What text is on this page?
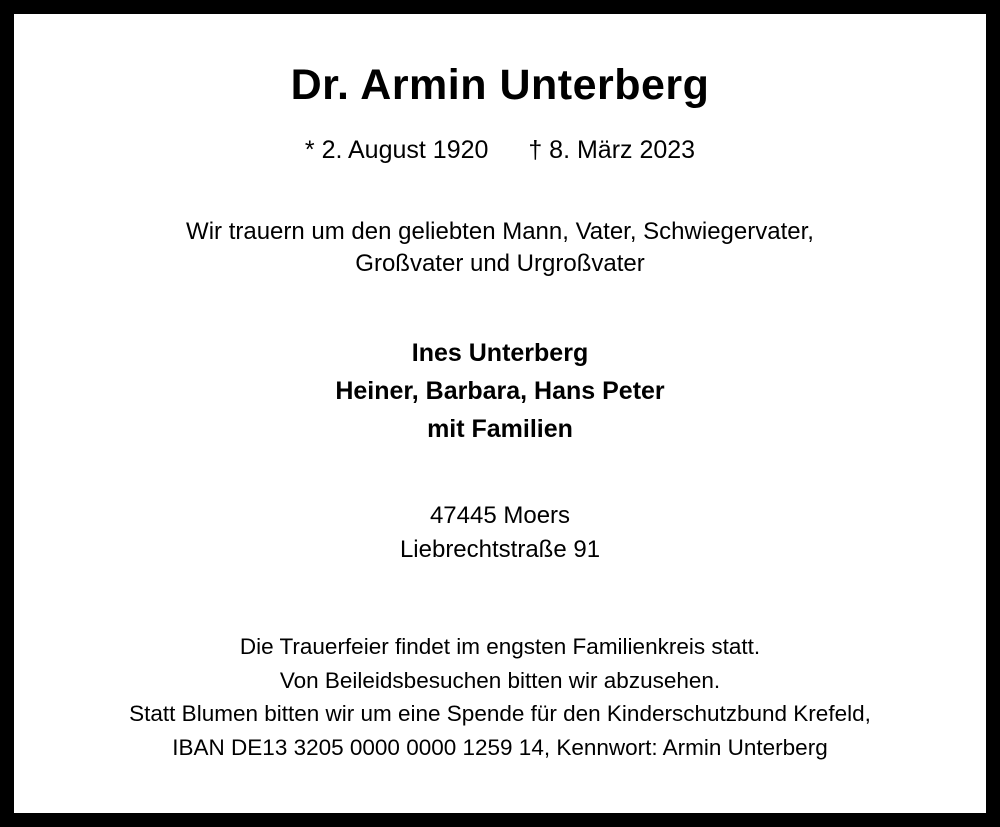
Dr. Armin Unterberg
* 2. August 1920 † 8. März 2023
Wir trauern um den geliebten Mann, Vater, Schwiegervater,
Großvater und Urgroßvater
Ines Unterberg
Heiner, Barbara, Hans Peter
mit Familien
47445 Moers
Liebrechtstraße 91
Die Trauerfeier findet im engsten Familienkreis statt.
Von Beileidsbesuchen bitten wir abzusehen.
Statt Blumen bitten wir um eine Spende für den Kinderschutzbund Krefeld,
IBAN DE13 3205 0000 0000 1259 14, Kennwort: Armin Unterberg
